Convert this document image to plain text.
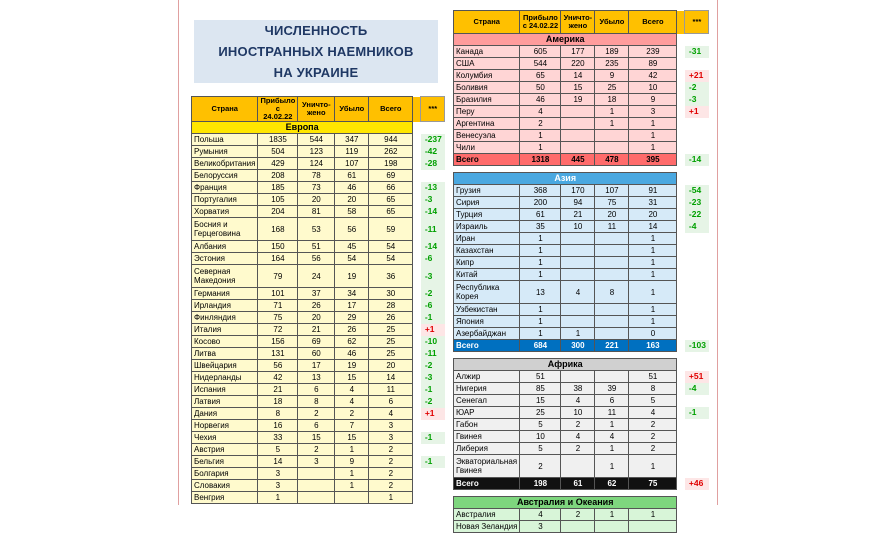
ЧИСЛЕННОСТЬ
ИНОСТРАННЫХ НАЕМНИКОВ
НА УКРАИНЕ
Страна	Прибыло с 24.02.22	Уничто-жено	Убыло	Всего		***
Европа						
Польша	1835	544	347	944		-237
Румыния	504	123	119	262		-42
Великобритания	429	124	107	198		-28
Белоруссия	208	78	61	69		
Франция	185	73	46	66		-13
Португалия	105	20	20	65		-3
Хорватия	204	81	58	65		-14
Босния и Герцеговина	168	53	56	59		-11
Албания	150	51	45	54		-14
Эстония	164	56	54	54		-6
Северная Македония	79	24	19	36		-3
Германия	101	37	34	30		-2
Ирландия	71	26	17	28		-6
Финляндия	75	20	29	26		-1
Италия	72	21	26	25		+1
Косово	156	69	62	25		-10
Литва	131	60	46	25		-11
Швейцария	56	17	19	20		-2
Нидерланды	42	13	15	14		-3
Испания	21	6	4	11		-1
Латвия	18	8	4	6		-2
Дания	8	2	2	4		+1
Норвегия	16	6	7	3		
Чехия	33	15	15	3		-1
Австрия	5	2	1	2		
Бельгия	14	3	9	2		-1
Болгария	3		1	2		
Словакия	3		1	2		
Венгрия	1			1		
Страна	Прибыло с 24.02.22	Уничто-жено	Убыло	Всего		***
Америка						
Канада	605	177	189	239		-31
США	544	220	235	89		
Колумбия	65	14	9	42		+21
Боливия	50	15	25	10		-2
Бразилия	46	19	18	9		-3
Перу	4		1	3		+1
Аргентина	2		1	1		
Венесуэла	1			1		
Чили	1			1		
Всего	1318	445	478	395		-14

Азия						
Грузия	368	170	107	91		-54
Сирия	200	94	75	31		-23
Турция	61	21	20	20		-22
Израиль	35	10	11	14		-4
Иран	1			1		
Казахстан	1			1		
Кипр	1			1		
Китай	1			1		
Республика Корея	13	4	8	1		
Узбекистан	1			1		
Япония	1			1		
Азербайджан	1	1		0		
Всего	684	300	221	163		-103

Африка						
Алжир	51			51		+51
Нигерия	85	38	39	8		-4
Сенегал	15	4	6	5		
ЮАР	25	10	11	4		-1
Габон	5	2	1	2		
Гвинея	10	4	4	2		
Либерия	5	2	1	2		
Экваториальная Гвинея	2		1	1		
Всего	198	61	62	75		+46

Австралия и Океания						
Австралия	4	2	1	1		
Новая Зеландия	3					
